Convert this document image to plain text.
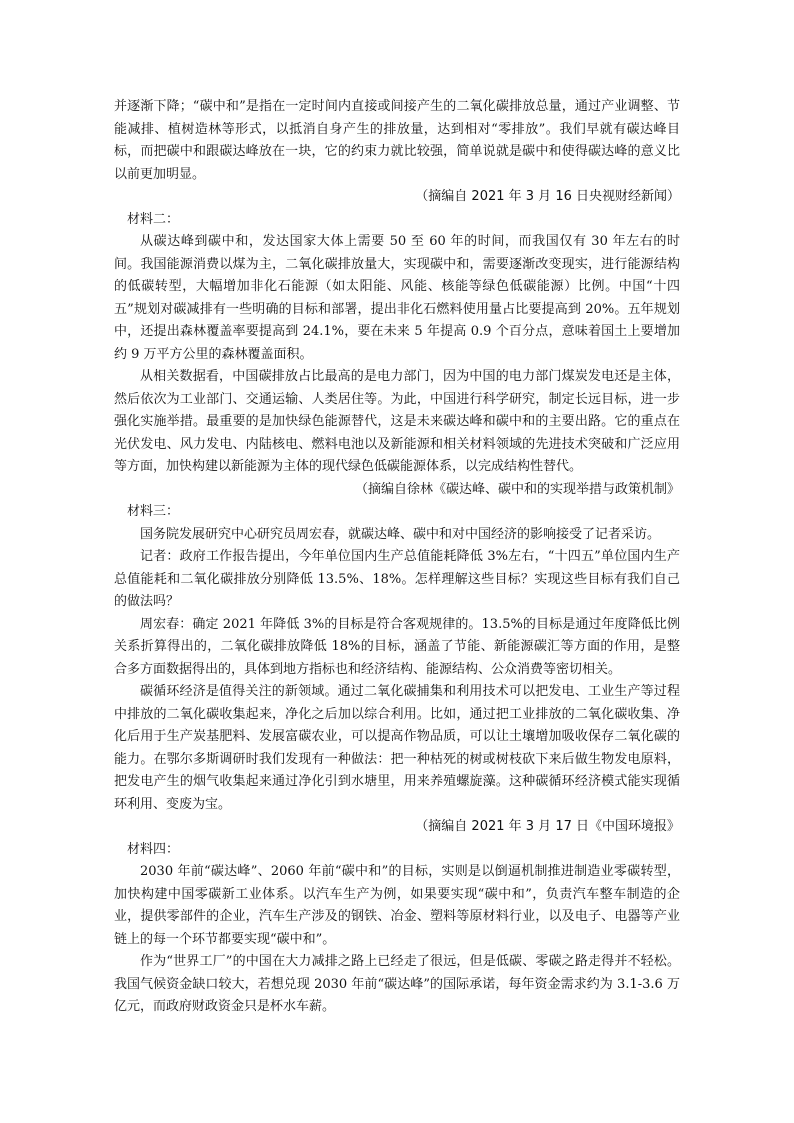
并逐渐下降；“碳中和”是指在一定时间内直接或间接产生的二氧化碳排放总量，通过产业调整、节能减排、植树造林等形式，以抵消自身产生的排放量，达到相对“零排放”。我们早就有碳达峰目标，而把碳中和跟碳达峰放在一块，它的约束力就比较强，简单说就是碳中和使得碳达峰的意义比以前更加明显。
（摘编自 2021 年 3 月 16 日央视财经新闻）
材料二：
从碳达峰到碳中和，发达国家大体上需要 50 至 60 年的时间，而我国仅有 30 年左右的时间。我国能源消费以煤为主，二氧化碳排放量大，实现碳中和，需要逐渐改变现实，进行能源结构的低碳转型，大幅增加非化石能源（如太阳能、风能、核能等绿色低碳能源）比例。中国“十四五”规划对碳减排有一些明确的目标和部署，提出非化石燃料使用量占比要提高到 20%。五年规划中，还提出森林覆盖率要提高到 24.1%，要在未来 5 年提高 0.9 个百分点，意味着国土上要增加约 9 万平方公里的森林覆盖面积。
从相关数据看，中国碳排放占比最高的是电力部门，因为中国的电力部门煤炭发电还是主体，然后依次为工业部门、交通运输、人类居住等。为此，中国进行科学研究，制定长远目标，进一步强化实施举措。最重要的是加快绿色能源替代，这是未来碳达峰和碳中和的主要出路。它的重点在光伏发电、风力发电、内陆核电、燃料电池以及新能源和相关材料领域的先进技术突破和广泛应用等方面，加快构建以新能源为主体的现代绿色低碳能源体系，以完成结构性替代。
（摘编自徐林《碳达峰、碳中和的实现举措与政策机制》
材料三：
国务院发展研究中心研究员周宏春，就碳达峰、碳中和对中国经济的影响接受了记者采访。
记者：政府工作报告提出，今年单位国内生产总值能耗降低 3%左右，“十四五”单位国内生产总值能耗和二氧化碳排放分别降低 13.5%、18%。怎样理解这些目标？实现这些目标有我们自己的做法吗？
周宏春：确定 2021 年降低 3%的目标是符合客观规律的。13.5%的目标是通过年度降低比例关系折算得出的，二氧化碳排放降低 18%的目标，涵盖了节能、新能源碳汇等方面的作用，是整合多方面数据得出的，具体到地方指标也和经济结构、能源结构、公众消费等密切相关。
碳循环经济是值得关注的新领域。通过二氧化碳捕集和利用技术可以把发电、工业生产等过程中排放的二氧化碳收集起来，净化之后加以综合利用。比如，通过把工业排放的二氧化碳收集、净化后用于生产炭基肥料、发展富碳农业，可以提高作物品质，可以让土壤增加吸收保存二氧化碳的能力。在鄂尔多斯调研时我们发现有一种做法：把一种枯死的树或树枝砍下来后做生物发电原料，把发电产生的烟气收集起来通过净化引到水塘里，用来养殖螺旋藻。这种碳循环经济模式能实现循环利用、变废为宝。
（摘编自 2021 年 3 月 17 日《中国环境报》
材料四：
2030 年前“碳达峰”、2060 年前“碳中和”的目标，实则是以倒逼机制推进制造业零碳转型，加快构建中国零碳新工业体系。以汽车生产为例，如果要实现“碳中和”，负责汽车整车制造的企业，提供零部件的企业，汽车生产涉及的钢铁、冶金、塑料等原材料行业，以及电子、电器等产业链上的每一个环节都要实现“碳中和”。
作为“世界工厂”的中国在大力减排之路上已经走了很远，但是低碳、零碳之路走得并不轻松。我国气候资金缺口较大，若想兑现 2030 年前“碳达峰”的国际承诺，每年资金需求约为 3.1-3.6 万亿元，而政府财政资金只是杯水车薪。
